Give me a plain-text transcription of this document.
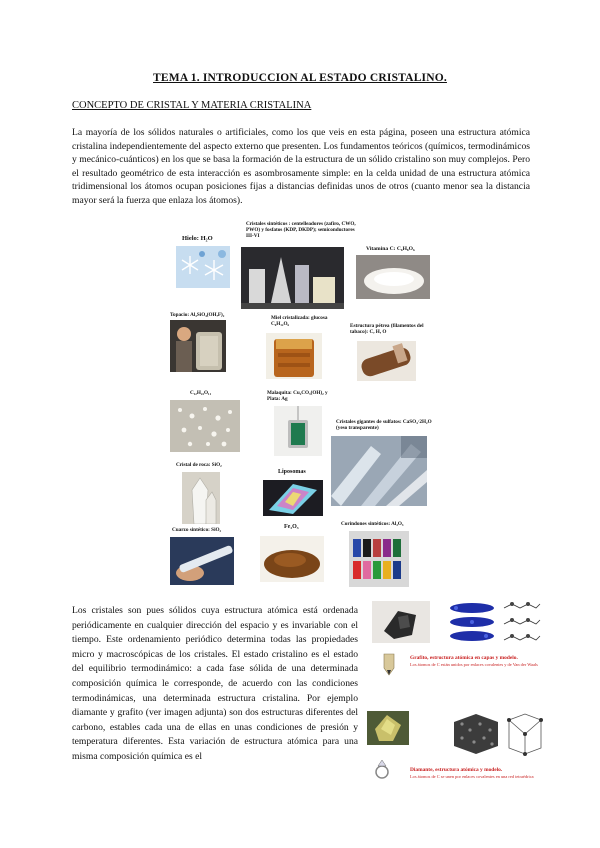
TEMA 1. INTRODUCCION AL ESTADO CRISTALINO.
CONCEPTO DE CRISTAL Y MATERIA CRISTALINA
La mayoría de los sólidos naturales o artificiales, como los que veis en esta página, poseen una estructura atómica cristalina independientemente del aspecto externo que presenten. Los fundamentos teóricos (químicos, termodinámicos y mecánico-cuánticos) en los que se basa la formación de la estructura de un sólido cristalino son muy complejos. Pero el resultado geométrico de esta interacción es asombrosamente simple: en la celda unidad de una estructura atómica tridimensional los átomos ocupan posiciones fijas a distancias definidas unos de otros (cuanto menor sea la distancia mayor será la fuerza que enlaza los átomos).
Hielo: H₂O
Cristales sintéticos : centelleadores (zafiro, CWO, PWO) y fosfatos (KDP, DKDP); semiconductores III-VI
Vitamina C: C₆H₈O₆
Topacio: Al₂SiO₄(OH,F)₂	Miel cristalizada: glucosa C₆H₁₂O₆	Estructura pétrea (filamentos del tabaco): C, H, O
C₁₂H₂₂O₁₁	Malaquita: Cu₂CO₃(OH)₂ y Plata: Ag
Cristales gigantes de sulfatos: CaSO₄·2H₂O (yeso transparente)
Cristal de roca: SiO₂
Liposomas
Cuarzo sintético: SiO₂	Fe₂O₃	Corindones sintéticos: Al₂O₃
Los cristales son pues sólidos cuya estructura atómica está ordenada periódicamente en cualquier dirección del espacio y es invariable con el tiempo. Este ordenamiento periódico determina todas las propiedades micro y macroscópicas de los cristales. El estado cristalino es el estado del equilibrio termodinámico: a cada fase sólida de una determinada composición química le corresponde, de acuerdo con las condiciones termodinámicas, una determinada estructura cristalina. Por ejemplo diamante y grafito (ver imagen adjunta) son dos estructuras diferentes del carbono, estables cada una de ellas en unas condiciones de presión y temperatura diferentes. Esta variación de estructura atómica para una misma composición química es el
Grafito, estructura atómica en capas y modelo.
Los átomos de C están unidos por enlaces covalentes y de Van der Waals
Diamante, estructura atómica y modelo.
Los átomos de C se unen por enlaces covalentes en una red tetraédrica
